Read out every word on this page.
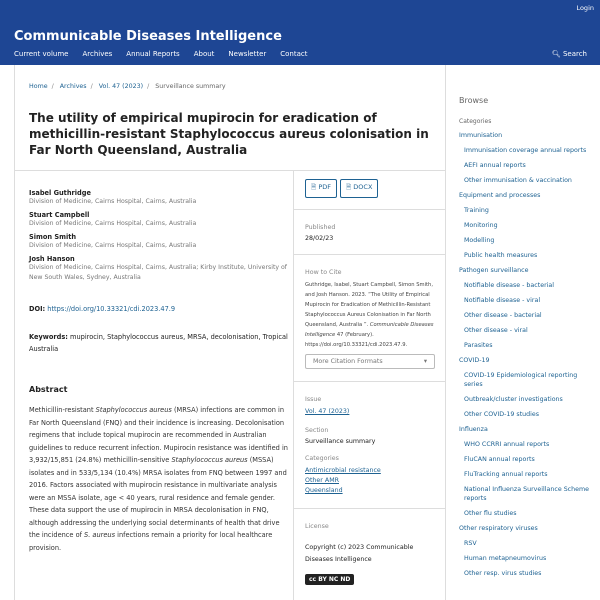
Login
Communicable Diseases Intelligence
Current volume Archives Annual Reports About Newsletter Contact	🔍︎ Search
Home / Archives / Vol. 47 (2023) / Surveillance summary
The utility of empirical mupirocin for eradication of methicillin-resistant Staphylococcus aureus colonisation in Far North Queensland, Australia
Isabel Guthridge
Division of Medicine, Cairns Hospital, Cairns, Australia
Stuart Campbell
Division of Medicine, Cairns Hospital, Cairns, Australia
Simon Smith
Division of Medicine, Cairns Hospital, Cairns, Australia
Josh Hanson
Division of Medicine, Cairns Hospital, Cairns, Australia; Kirby Institute, University of New South Wales, Sydney, Australia
DOI: https://doi.org/10.33321/cdi.2023.47.9
Keywords: mupirocin, Staphylococcus aureus, MRSA, decolonisation, Tropical Australia
Abstract
Methicillin-resistant Staphylococcus aureus (MRSA) infections are common in Far North Queensland (FNQ) and their incidence is increasing. Decolonisation regimens that include topical mupirocin are recommended in Australian guidelines to reduce recurrent infection. Mupirocin resistance was identified in 3,932/15,851 (24.8%) methicillin-sensitive Staphylococcus aureus (MSSA) isolates and in 533/5,134 (10.4%) MRSA isolates from FNQ between 1997 and 2016. Factors associated with mupirocin resistance in multivariate analysis were an MSSA isolate, age < 40 years, rural residence and female gender. These data support the use of mupirocin in MRSA decolonisation in FNQ, although addressing the underlying social determinants of health that drive the incidence of S. aureus infections remain a priority for local healthcare provision.
🗎︎ PDF 🗎︎ DOCX
Published
28/02/23
How to Cite
Guthridge, Isabel, Stuart Campbell, Simon Smith, and Josh Hanson. 2023. “The Utility of Empirical Mupirocin for Eradication of Methicillin-Resistant Staphylococcus Aureus Colonisation in Far North Queensland, Australia ”. Communicable Diseases Intelligence 47 (February). https://doi.org/10.33321/cdi.2023.47.9.
More Citation Formats	▾
Issue
Vol. 47 (2023)
Section
Surveillance summary
Categories
Antimicrobial resistance
Other AMR
Queensland
License
Copyright (c) 2023 Communicable Diseases Intelligence
cc BY NC ND
Browse
Categories
Immunisation
Immunisation coverage annual reports
AEFI annual reports
Other immunisation & vaccination
Equipment and processes
Training
Monitoring
Modelling
Public health measures
Pathogen surveillance
Notifiable disease - bacterial
Notifiable disease - viral
Other disease - bacterial
Other disease - viral
Parasites
COVID-19
COVID-19 Epidemiological reporting series
Outbreak/cluster investigations
Other COVID-19 studies
Influenza
WHO CCRRI annual reports
FluCAN annual reports
FluTracking annual reports
National Influenza Surveillance Scheme reports
Other flu studies
Other respiratory viruses
RSV
Human metapneumovirus
Other resp. virus studies
